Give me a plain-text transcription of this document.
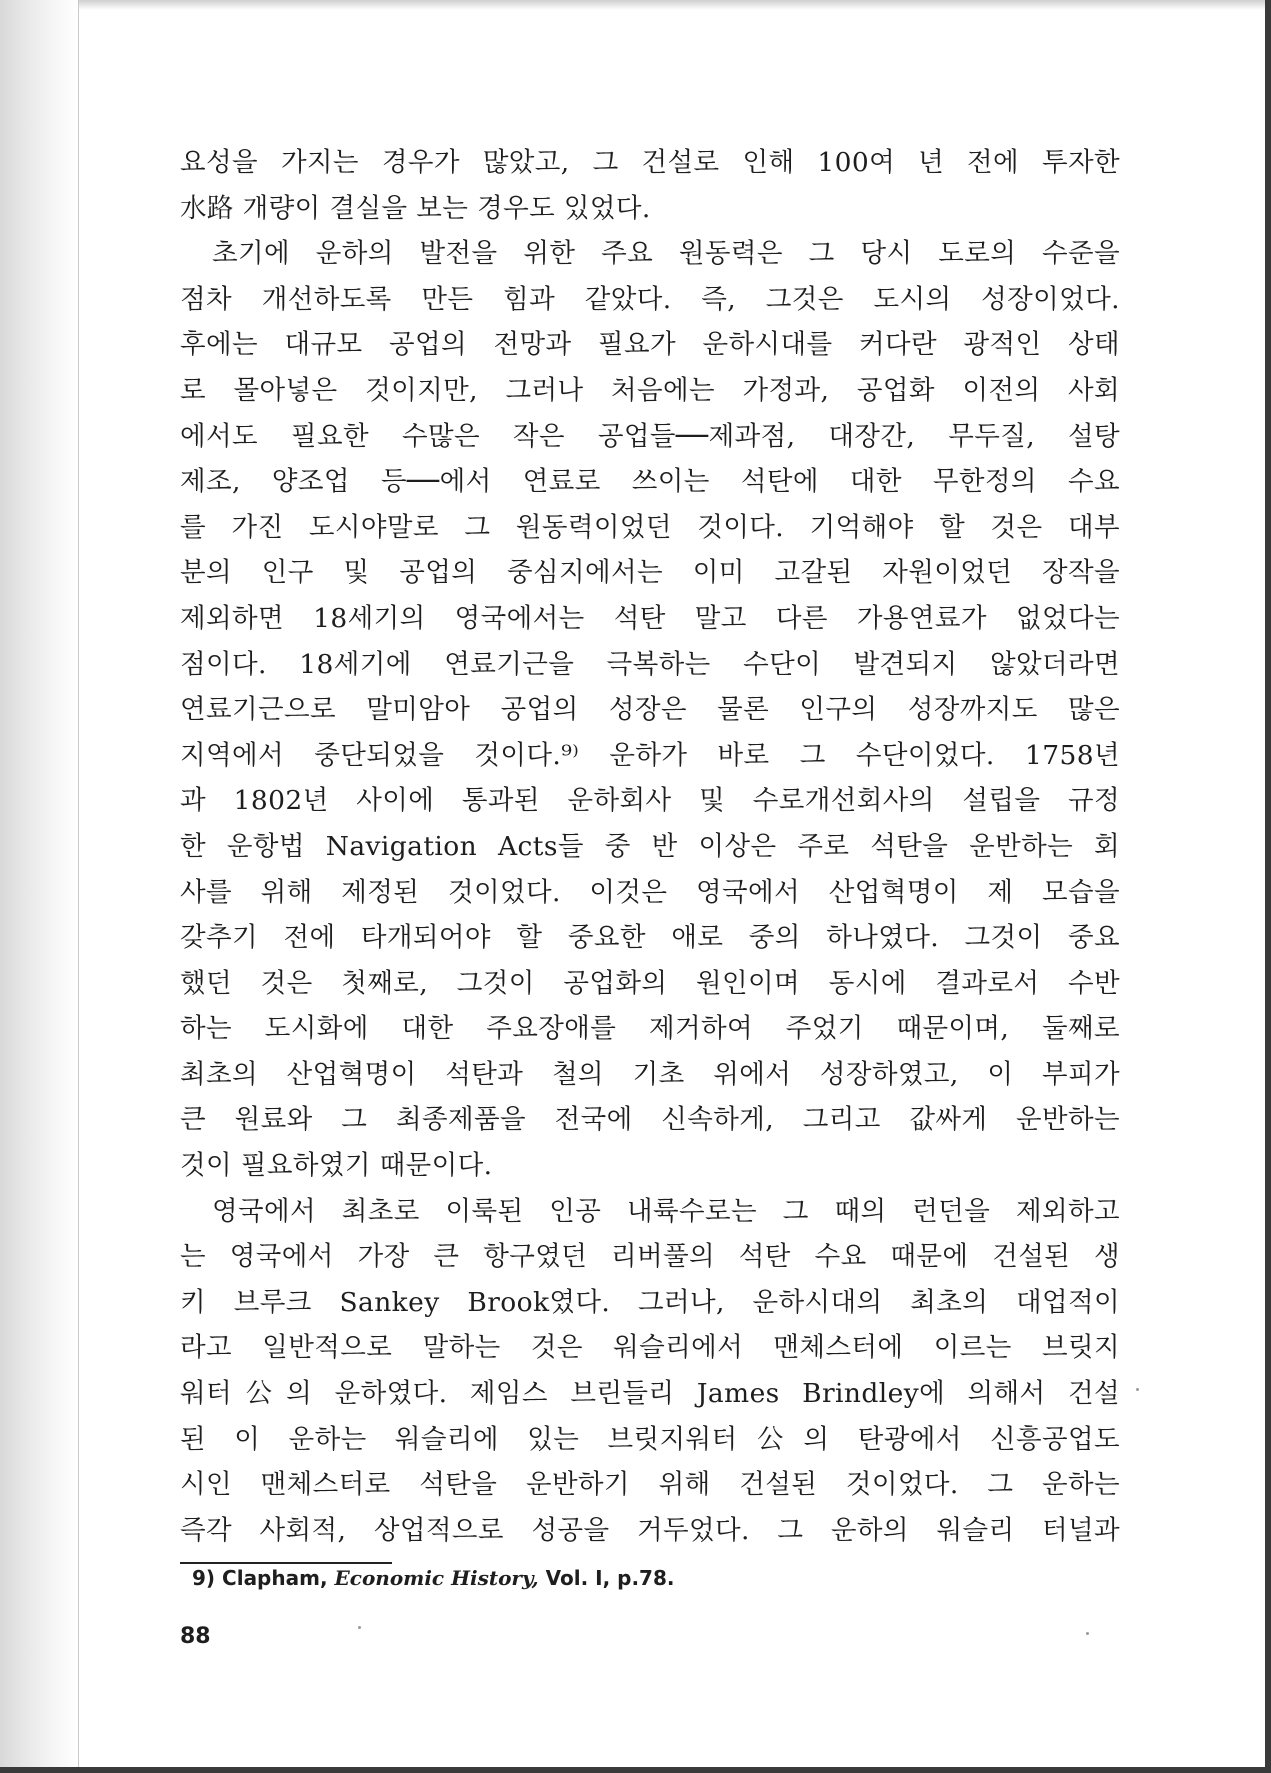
요성을 가지는 경우가 많았고, 그 건설로 인해 100여 년 전에 투자한
水路 개량이 결실을 보는 경우도 있었다.
초기에 운하의 발전을 위한 주요 원동력은 그 당시 도로의 수준을
점차 개선하도록 만든 힘과 같았다. 즉, 그것은 도시의 성장이었다.
후에는 대규모 공업의 전망과 필요가 운하시대를 커다란 광적인 상태
로 몰아넣은 것이지만, 그러나 처음에는 가정과, 공업화 이전의 사회
에서도 필요한 수많은 작은 공업들──제과점, 대장간, 무두질, 설탕
제조, 양조업 등──에서 연료로 쓰이는 석탄에 대한 무한정의 수요
를 가진 도시야말로 그 원동력이었던 것이다. 기억해야 할 것은 대부
분의 인구 및 공업의 중심지에서는 이미 고갈된 자원이었던 장작을
제외하면 18세기의 영국에서는 석탄 말고 다른 가용연료가 없었다는
점이다. 18세기에 연료기근을 극복하는 수단이 발견되지 않았더라면
연료기근으로 말미암아 공업의 성장은 물론 인구의 성장까지도 많은
지역에서 중단되었을 것이다.⁹⁾ 운하가 바로 그 수단이었다. 1758년
과 1802년 사이에 통과된 운하회사 및 수로개선회사의 설립을 규정
한 운항법 Navigation Acts들 중 반 이상은 주로 석탄을 운반하는 회
사를 위해 제정된 것이었다. 이것은 영국에서 산업혁명이 제 모습을
갖추기 전에 타개되어야 할 중요한 애로 중의 하나였다. 그것이 중요
했던 것은 첫째로, 그것이 공업화의 원인이며 동시에 결과로서 수반
하는 도시화에 대한 주요장애를 제거하여 주었기 때문이며, 둘째로
최초의 산업혁명이 석탄과 철의 기초 위에서 성장하였고, 이 부피가
큰 원료와 그 최종제품을 전국에 신속하게, 그리고 값싸게 운반하는
것이 필요하였기 때문이다.
영국에서 최초로 이룩된 인공 내륙수로는 그 때의 런던을 제외하고
는 영국에서 가장 큰 항구였던 리버풀의 석탄 수요 때문에 건설된 생
키 브루크 Sankey Brook였다. 그러나, 운하시대의 최초의 대업적이
라고 일반적으로 말하는 것은 워슬리에서 맨체스터에 이르는 브릿지
워터公의 운하였다. 제임스 브린들리 James Brindley에 의해서 건설
된 이 운하는 워슬리에 있는 브릿지워터公의 탄광에서 신흥공업도
시인 맨체스터로 석탄을 운반하기 위해 건설된 것이었다. 그 운하는
즉각 사회적, 상업적으로 성공을 거두었다. 그 운하의 워슬리 터널과
9) Clapham, Economic History, Vol. I, p.78.
88
